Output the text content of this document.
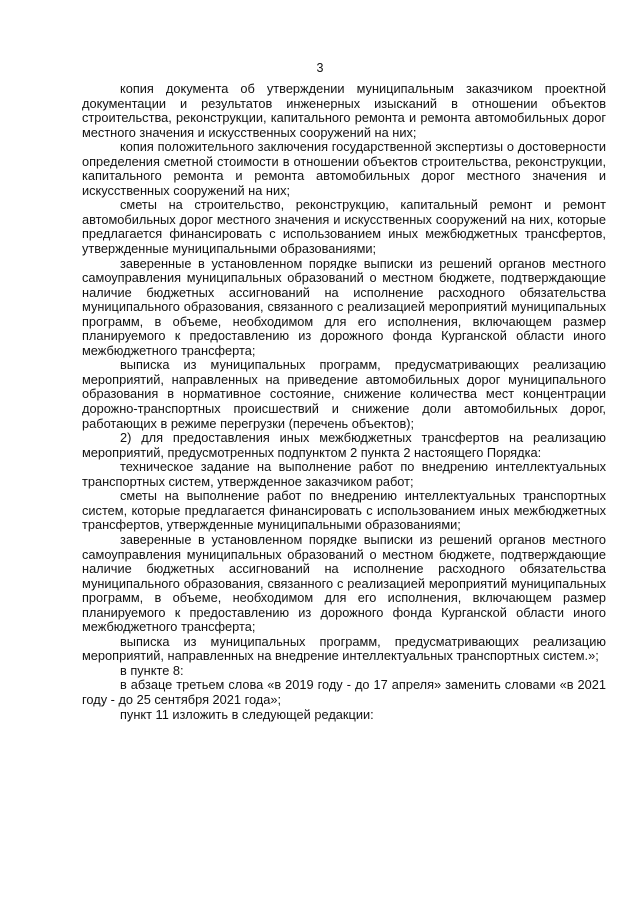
3

копия документа об утверждении муниципальным заказчиком проектной документации и результатов инженерных изысканий в отношении объектов строительства, реконструкции, капитального ремонта и ремонта автомобильных дорог местного значения и искусственных сооружений на них;

копия положительного заключения государственной экспертизы о достоверности определения сметной стоимости в отношении объектов строительства, реконструкции, капитального ремонта и ремонта автомобильных дорог местного значения и искусственных сооружений на них;

сметы на строительство, реконструкцию, капитальный ремонт и ремонт автомобильных дорог местного значения и искусственных сооружений на них, которые предлагается финансировать с использованием иных межбюджетных трансфертов, утвержденные муниципальными образованиями;

заверенные в установленном порядке выписки из решений органов местного самоуправления муниципальных образований о местном бюджете, подтверждающие наличие бюджетных ассигнований на исполнение расходного обязательства муниципального образования, связанного с реализацией мероприятий муниципальных программ, в объеме, необходимом для его исполнения, включающем размер планируемого к предоставлению из дорожного фонда Курганской области иного межбюджетного трансферта;

выписка из муниципальных программ, предусматривающих реализацию мероприятий, направленных на приведение автомобильных дорог муниципального образования в нормативное состояние, снижение количества мест концентрации дорожно-транспортных происшествий и снижение доли автомобильных дорог, работающих в режиме перегрузки (перечень объектов);

2) для предоставления иных межбюджетных трансфертов на реализацию мероприятий, предусмотренных подпунктом 2 пункта 2 настоящего Порядка:

техническое задание на выполнение работ по внедрению интеллектуальных транспортных систем, утвержденное заказчиком работ;

сметы на выполнение работ по внедрению интеллектуальных транспортных систем, которые предлагается финансировать с использованием иных межбюджетных трансфертов, утвержденные муниципальными образованиями;

заверенные в установленном порядке выписки из решений органов местного самоуправления муниципальных образований о местном бюджете, подтверждающие наличие бюджетных ассигнований на исполнение расходного обязательства муниципального образования, связанного с реализацией мероприятий муниципальных программ, в объеме, необходимом для его исполнения, включающем размер планируемого к предоставлению из дорожного фонда Курганской области иного межбюджетного трансферта;

выписка из муниципальных программ, предусматривающих реализацию мероприятий, направленных на внедрение интеллектуальных транспортных систем.»;

в пункте 8:

в абзаце третьем слова «в 2019 году - до 17 апреля» заменить словами «в 2021 году - до 25 сентября 2021 года»;

пункт 11 изложить в следующей редакции:
